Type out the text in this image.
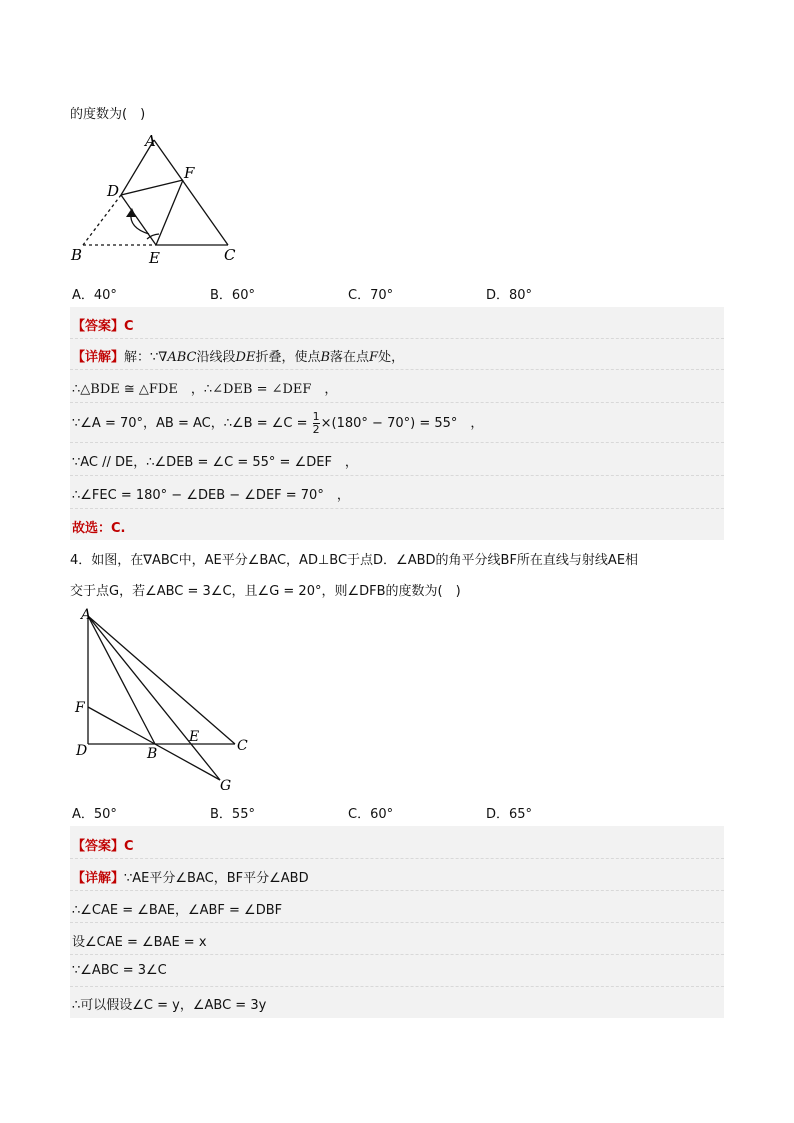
的度数为(　)
A
D
F
B	E	C
A．40°	B．60°	C．70°	D．80°
【答案】C
【详解】解：∵∇ABC沿线段DE折叠，使点B落在点F处，
∴△BDE ≅ △FDE　，∴∠DEB = ∠DEF　，
∵∠A = 70°，AB = AC，∴∠B = ∠C = $\frac{1}{2} \times(180^\circ - 70^\circ) = 55^\circ$　，
∵AC // DE，∴∠DEB = ∠C = 55° = ∠DEF　，
∴∠FEC = 180° − ∠DEB − ∠DEF = 70°　，
故选：C.
4．如图，在∇ABC中，AE平分∠BAC，AD⊥BC于点D．∠ABD的角平分线BF所在直线与射线AE相
交于点G，若∠ABC = 3∠C，且∠G = 20°，则∠DFB的度数为(　)
A
F
D	B
E
C
G
A．50°	B．55°	C．60°	D．65°
【答案】C
【详解】∵AE平分∠BAC，BF平分∠ABD
∴∠CAE = ∠BAE，∠ABF = ∠DBF
设∠CAE = ∠BAE = x
∵∠ABC = 3∠C
∴可以假设∠C = y，∠ABC = 3y
